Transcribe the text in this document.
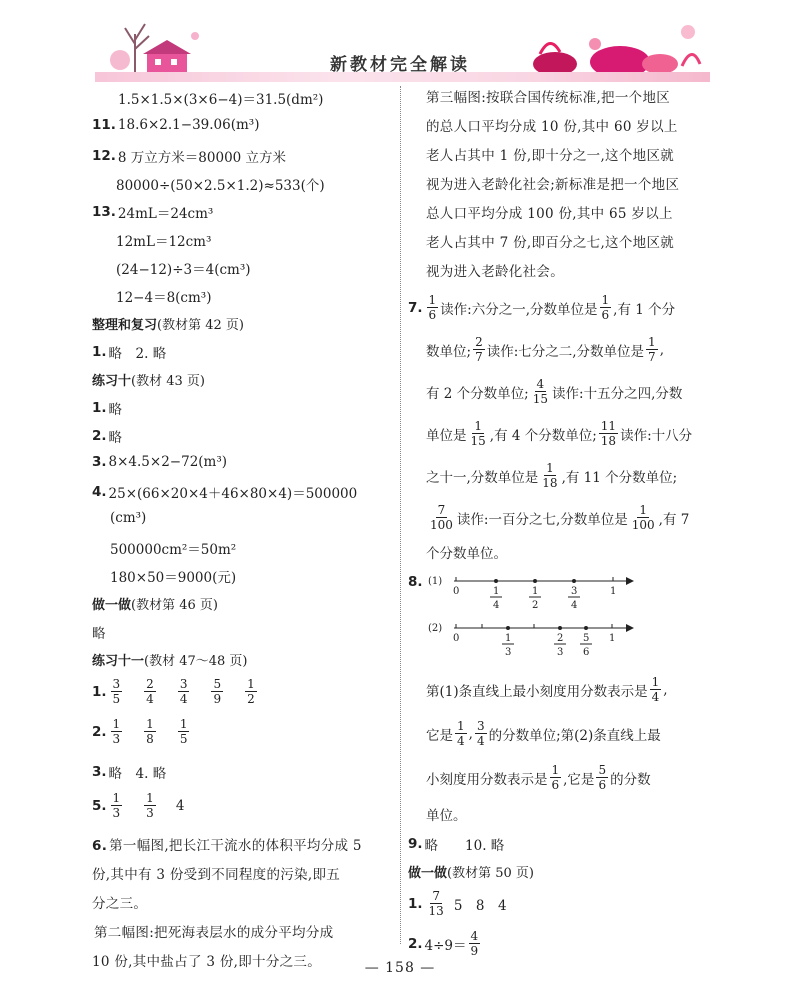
新教材完全解读
1.5×1.5×(3×6−4)＝31.5(dm²)
11. 18.6×2.1−39.06(m³)
12. 8 万立方米＝80000 立方米
80000÷(50×2.5×1.2)≈533(个)
13. 24mL＝24cm³
12mL＝12cm³
(24−12)÷3＝4(cm³)
12−4＝8(cm³)
整理和复习 (教材第 42 页)
1. 略　2. 略
练习十 (教材 43 页)
1. 略
2. 略
3. 8×4.5×2−72(m³)
4. 25×(66×20×4＋46×80×4)＝500000
(cm³)
500000cm²＝50m²
180×50＝9000(元)
做一做 (教材第 46 页)
略
练习十一 (教材 47～48 页)
1. $\frac{3}{5} \frac{2}{4} \frac{3}{4} \frac{5}{9} \frac{1}{2}$
2. $\frac{1}{3} \frac{1}{8} \frac{1}{5}$
3. 略　4. 略
5. $\frac{1}{3} \frac{1}{3} 4$
6. 第一幅图,把长江干流水的体积平均分成 5
份,其中有 3 份受到不同程度的污染,即五
分之三。
第二幅图:把死海表层水的成分平均分成
10 份,其中盐占了 3 份,即十分之三。
第三幅图:按联合国传统标准,把一个地区
的总人口平均分成 10 份,其中 60 岁以上
老人占其中 1 份,即十分之一,这个地区就
视为进入老龄化社会;新标准是把一个地区
总人口平均分成 100 份,其中 65 岁以上
老人占其中 7 份,即百分之七,这个地区就
视为进入老龄化社会。
7. $\frac{1}{6}$ 读作:六分之一,分数单位是 $\frac{1}{6}$ ,有 1 个分
数单位; $\frac{2}{7}$ 读作:七分之二,分数单位是 $\frac{1}{7}$ ,
有 2 个分数单位; $\frac{4}{15}$ 读作:十五分之四,分数
单位是 $\frac{1}{15}$ ,有 4 个分数单位; $\frac{11}{18}$ 读作:十八分
之十一,分数单位是 $\frac{1}{18}$ ,有 11 个分数单位;
$\frac{7}{100}$ 读作:一百分之七,分数单位是 $\frac{1}{100}$ ,有 7
个分数单位。
8. (1)
0	1
1
4
1
2
3
4
(2)
0	1
1
3
2
3
5
6
第(1)条直线上最小刻度用分数表示是 $\frac{1}{4}$ ,
它是 $\frac{1}{4}$ , $\frac{3}{4}$ 的分数单位;第(2)条直线上最
小刻度用分数表示是 $\frac{1}{6}$ ,它是 $\frac{5}{6}$ 的分数
单位。
9. 略　　10. 略
做一做 (教材第 50 页)
1. $\frac{7}{13} 5$　8　4
2. $4\div 9= \frac{4}{9}$
— 158 —
